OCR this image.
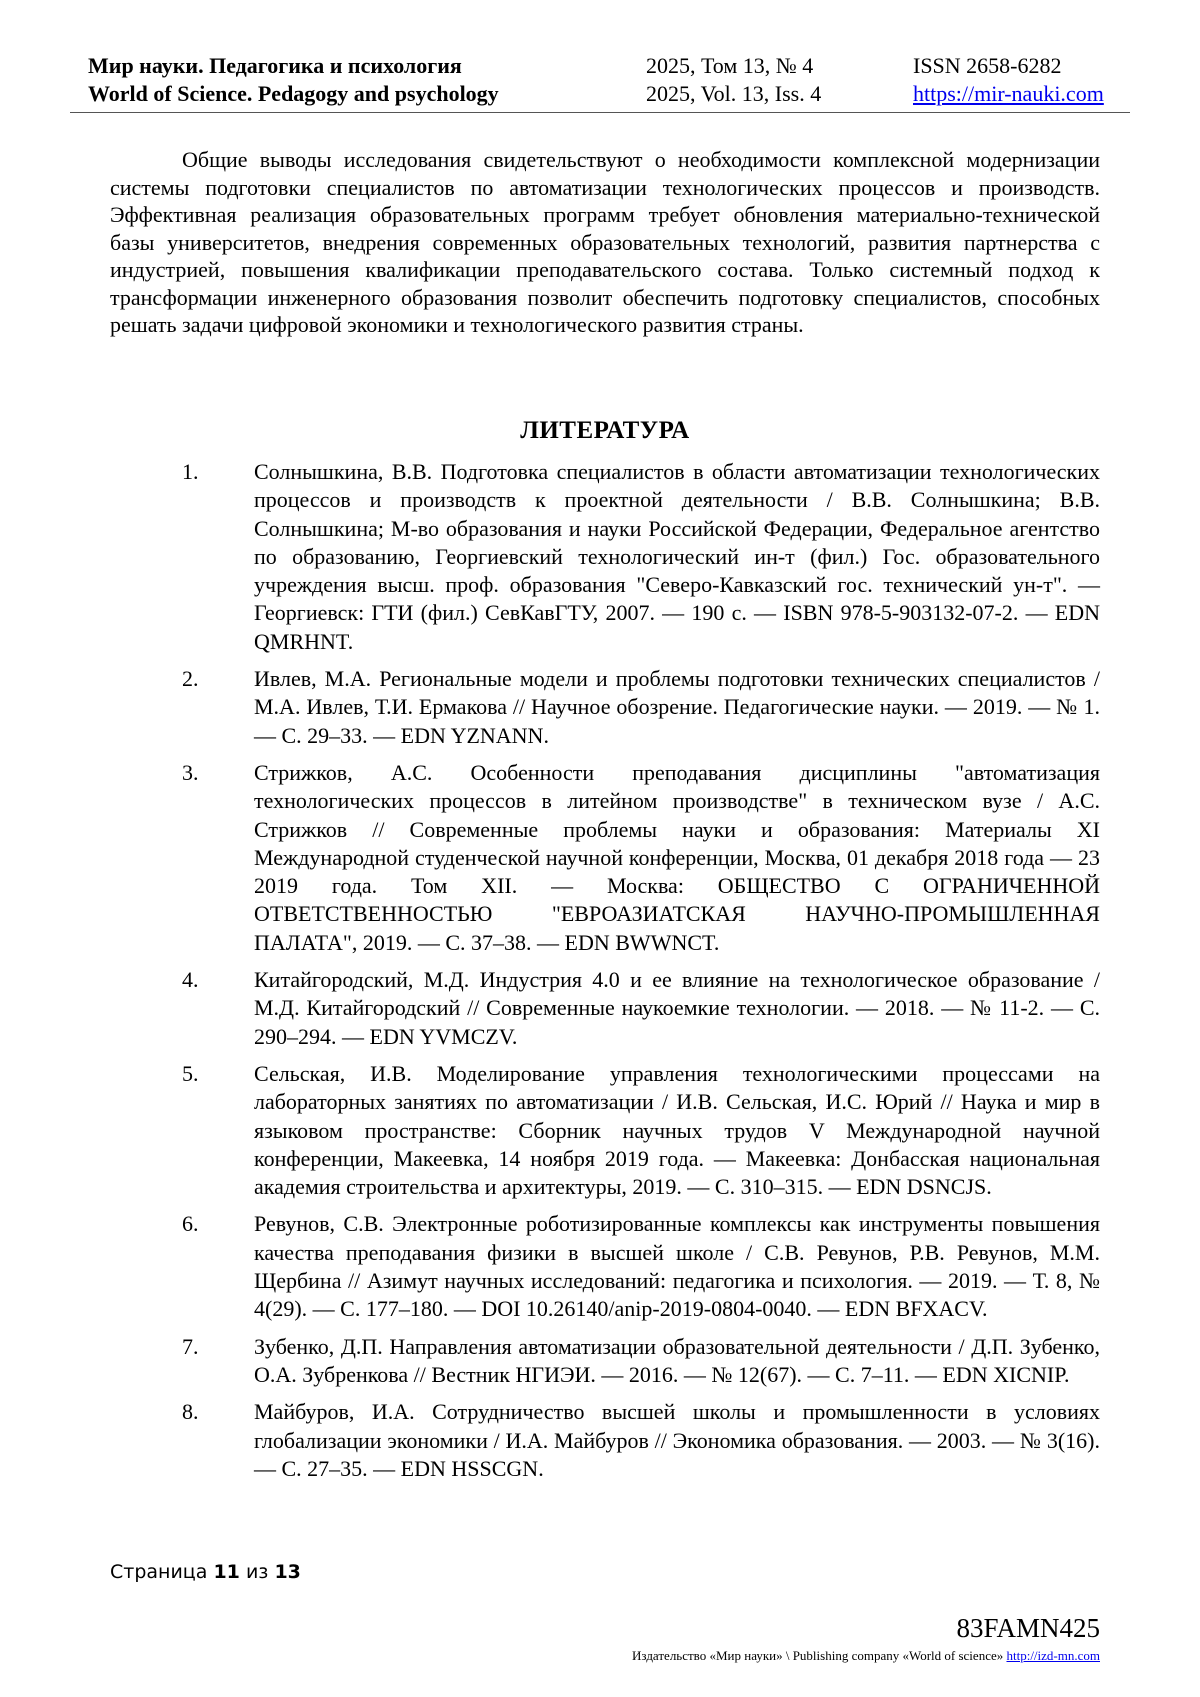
Мир науки. Педагогика и психология	2025, Том 13, № 4	ISSN 2658-6282
World of Science. Pedagogy and psychology	2025, Vol. 13, Iss. 4	https://mir-nauki.com

Общие выводы исследования свидетельствуют о необходимости комплексной модернизации системы подготовки специалистов по автоматизации технологических процессов и производств. Эффективная реализация образовательных программ требует обновления материально-технической базы университетов, внедрения современных образовательных технологий, развития партнерства с индустрией, повышения квалификации преподавательского состава. Только системный подход к трансформации инженерного образования позволит обеспечить подготовку специалистов, способных решать задачи цифровой экономики и технологического развития страны.

ЛИТЕРАТУРА
1.	Солнышкина, В.В. Подготовка специалистов в области автоматизации технологических процессов и производств к проектной деятельности / В.В. Солнышкина; В.В. Солнышкина; М-во образования и науки Российской Федерации, Федеральное агентство по образованию, Георгиевский технологический ин-т (фил.) Гос. образовательного учреждения высш. проф. образования "Северо-Кавказский гос. технический ун-т". — Георгиевск: ГТИ (фил.) СевКавГТУ, 2007. — 190 с. — ISBN 978-5-903132-07-2. — EDN QMRHNT.
2.	Ивлев, М.А. Региональные модели и проблемы подготовки технических специалистов / М.А. Ивлев, Т.И. Ермакова // Научное обозрение. Педагогические науки. — 2019. — № 1. — С. 29–33. — EDN YZNANN.
3.	Стрижков, А.С. Особенности преподавания дисциплины "автоматизация технологических процессов в литейном производстве" в техническом вузе / А.С. Стрижков // Современные проблемы науки и образования: Материалы XI Международной студенческой научной конференции, Москва, 01 декабря 2018 года — 23 2019 года. Том XII. — Москва: ОБЩЕСТВО С ОГРАНИЧЕННОЙ ОТВЕТСТВЕННОСТЬЮ "ЕВРОАЗИАТСКАЯ НАУЧНО-ПРОМЫШЛЕННАЯ ПАЛАТА", 2019. — С. 37–38. — EDN BWWNCT.
4.	Китайгородский, М.Д. Индустрия 4.0 и ее влияние на технологическое образование / М.Д. Китайгородский // Современные наукоемкие технологии. — 2018. — № 11-2. — С. 290–294. — EDN YVMCZV.
5.	Сельская, И.В. Моделирование управления технологическими процессами на лабораторных занятиях по автоматизации / И.В. Сельская, И.С. Юрий // Наука и мир в языковом пространстве: Сборник научных трудов V Международной научной конференции, Макеевка, 14 ноября 2019 года. — Макеевка: Донбасская национальная академия строительства и архитектуры, 2019. — С. 310–315. — EDN DSNCJS.
6.	Ревунов, С.В. Электронные роботизированные комплексы как инструменты повышения качества преподавания физики в высшей школе / С.В. Ревунов, Р.В. Ревунов, М.М. Щербина // Азимут научных исследований: педагогика и психология. — 2019. — Т. 8, № 4(29). — С. 177–180. — DOI 10.26140/anip-2019-0804-0040. — EDN BFXACV.
7.	Зубенко, Д.П. Направления автоматизации образовательной деятельности / Д.П. Зубенко, О.А. Зубренкова // Вестник НГИЭИ. — 2016. — № 12(67). — С. 7–11. — EDN XICNIP.
8.	Майбуров, И.А. Сотрудничество высшей школы и промышленности в условиях глобализации экономики / И.А. Майбуров // Экономика образования. — 2003. — № 3(16). — С. 27–35. — EDN HSSCGN.
Страница 11 из 13
83FAMN425
Издательство «Мир науки» \ Publishing company «World of science» http://izd-mn.com
